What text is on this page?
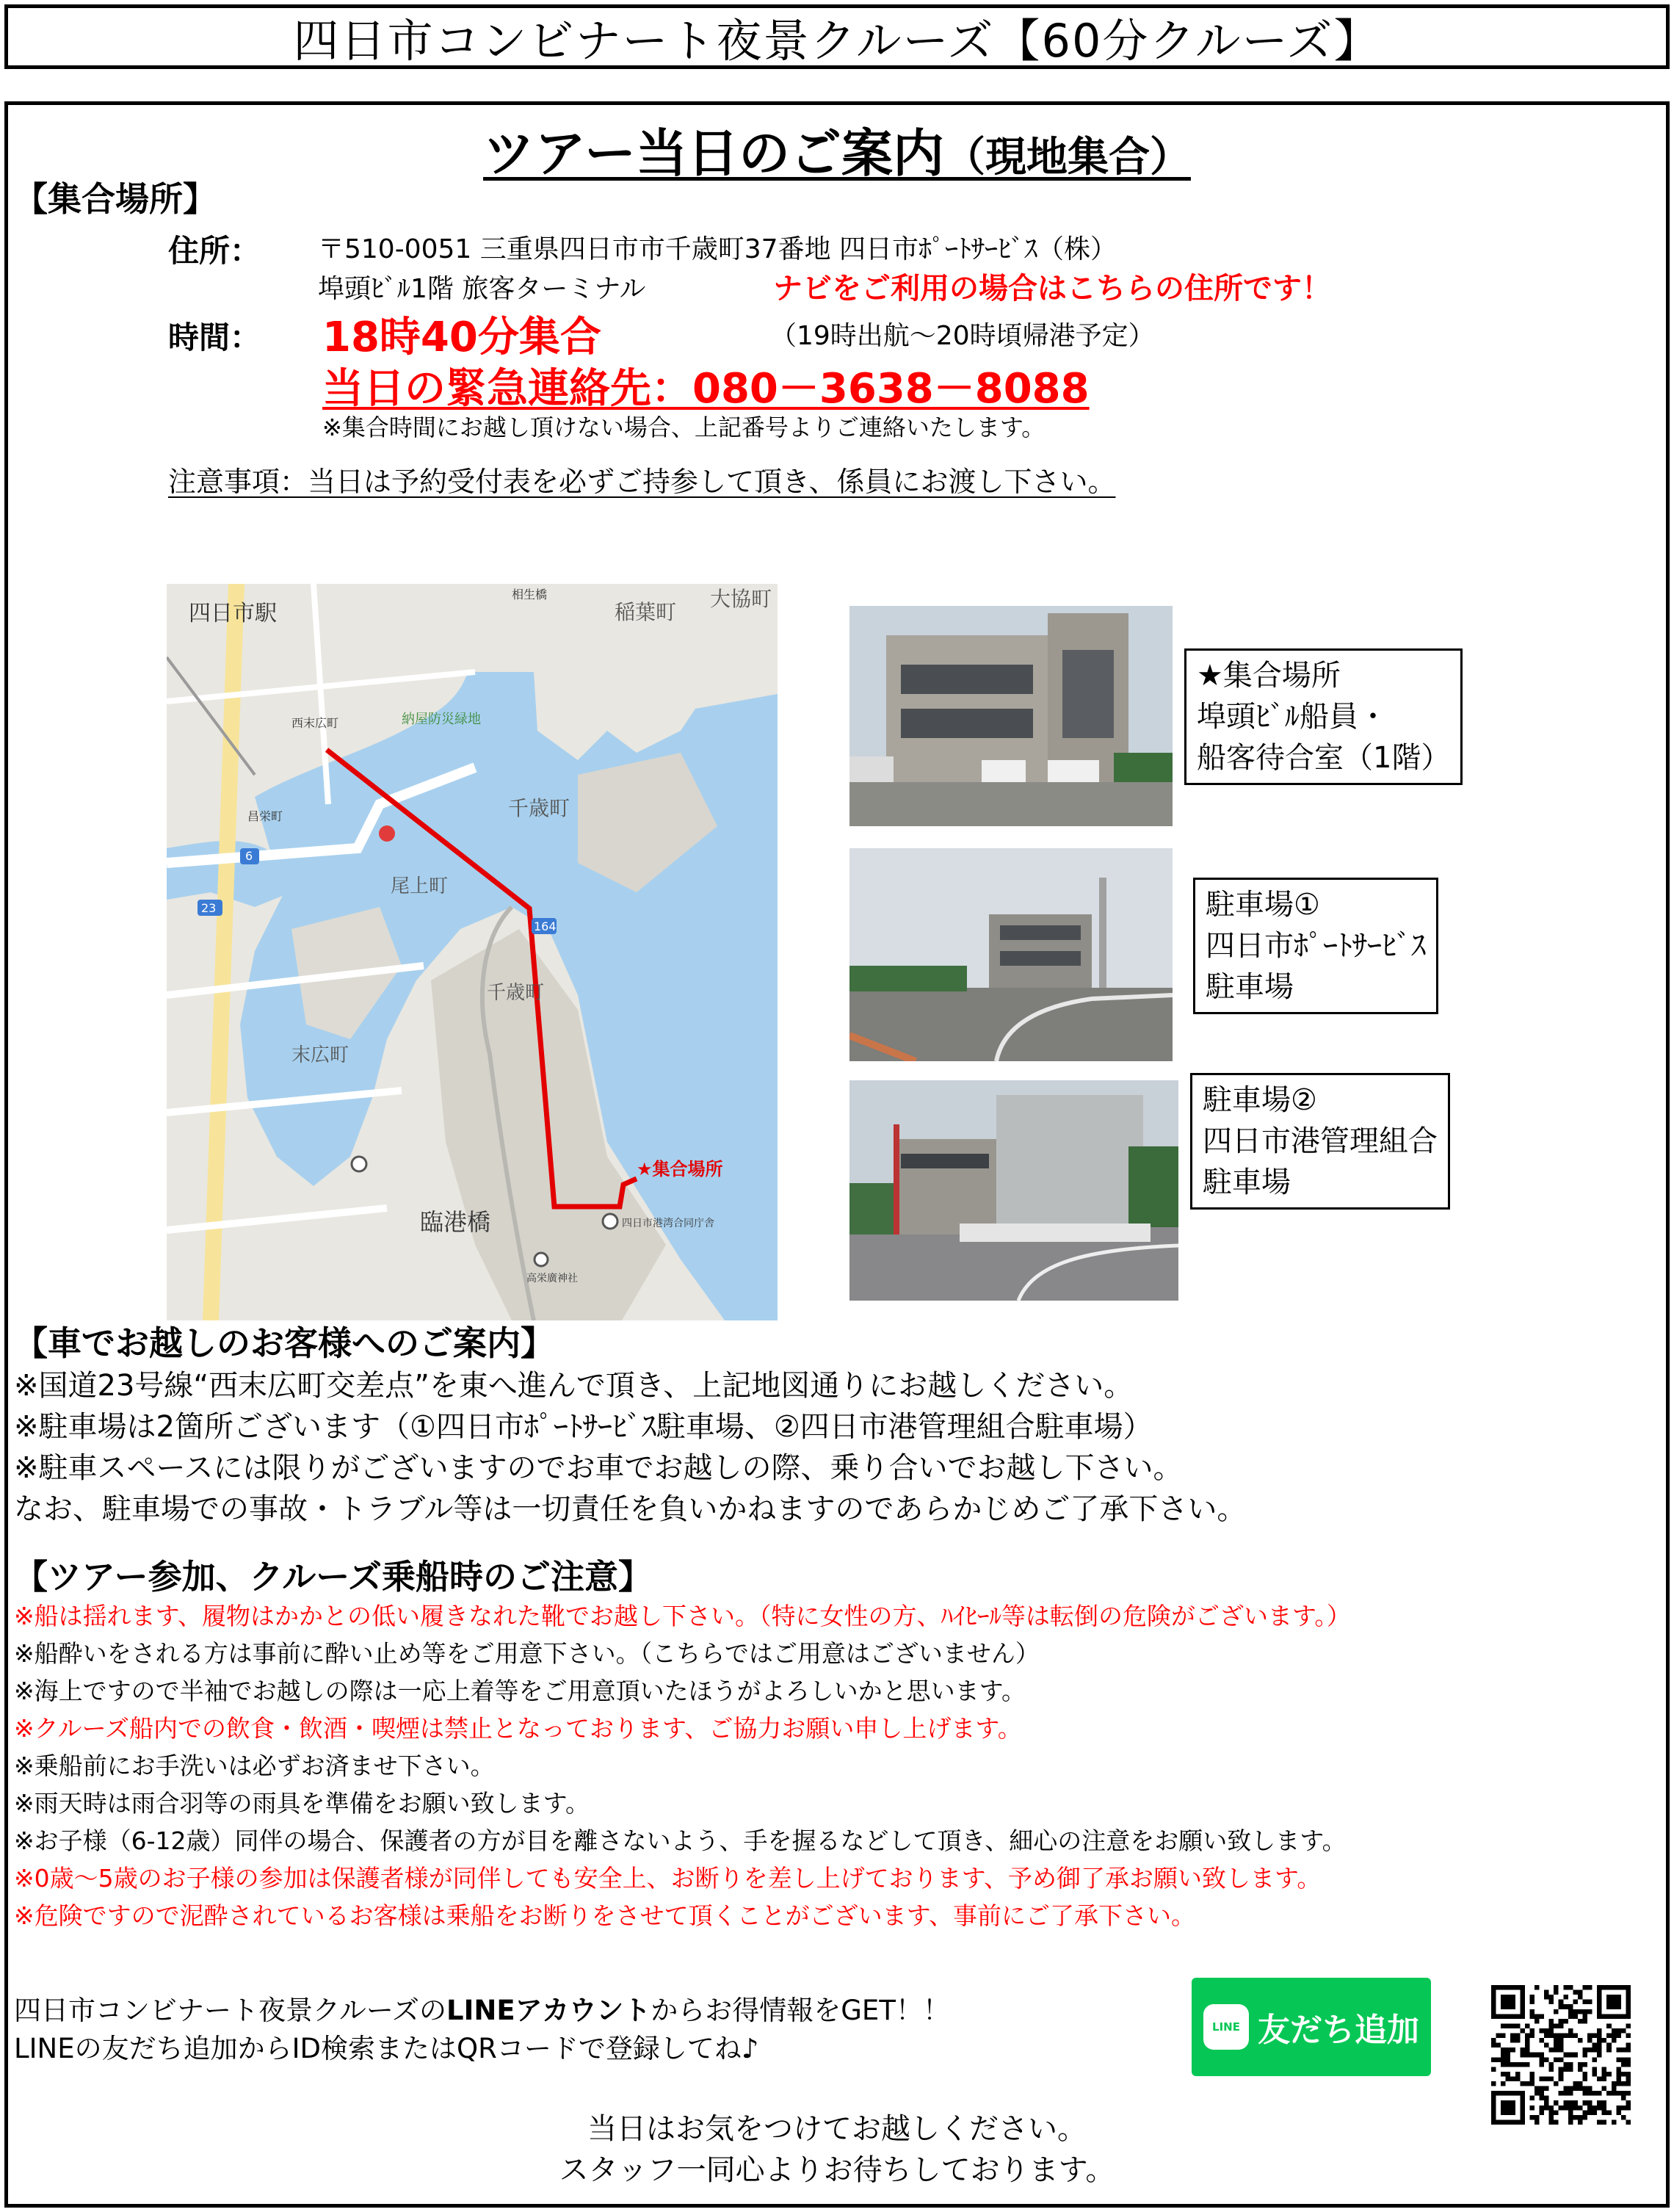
四日市コンビナート夜景クルーズ【60分クルーズ】
ツアー当日のご案内（現地集合）
【集合場所】
住所： 〒510-0051 三重県四日市市千歳町37番地 四日市ﾎﾟｰﾄｻｰﾋﾞｽ（株）
埠頭ﾋﾞﾙ1階 旅客ターミナル	ナビをご利用の場合はこちらの住所です！
時間： 18時40分集合	（19時出航～20時頃帰港予定）
当日の緊急連絡先：080－3638－8088
※集合時間にお越し頂けない場合、上記番号よりご連絡いたします。
注意事項：当日は予約受付表を必ずご持参して頂き、係員にお渡し下さい。
四日市駅
西末広町
昌栄町
納屋防災緑地
稲葉町
大協町
相生橋
千歳町
千歳町
尾上町
末広町
臨港橋
★集合場所
四日市港湾合同庁舎
高栄廣神社
6
23
164
★集合場所
埠頭ﾋﾞﾙ船員・
船客待合室（1階）
駐車場①
四日市ﾎﾟｰﾄｻｰﾋﾞｽ
駐車場
駐車場②
四日市港管理組合
駐車場
【車でお越しのお客様へのご案内】
※国道23号線“西末広町交差点”を東へ進んで頂き、上記地図通りにお越しください。
※駐車場は2箇所ございます（①四日市ﾎﾟｰﾄｻｰﾋﾞｽ駐車場、②四日市港管理組合駐車場）
※駐車スペースには限りがございますのでお車でお越しの際、乗り合いでお越し下さい。
なお、駐車場での事故・トラブル等は一切責任を負いかねますのであらかじめご了承下さい。
【ツアー参加、クルーズ乗船時のご注意】
※船は揺れます、履物はかかとの低い履きなれた靴でお越し下さい。（特に女性の方、ﾊｲﾋｰﾙ等は転倒の危険がございます。）
※船酔いをされる方は事前に酔い止め等をご用意下さい。（こちらではご用意はございません）
※海上ですので半袖でお越しの際は一応上着等をご用意頂いたほうがよろしいかと思います。
※クルーズ船内での飲食・飲酒・喫煙は禁止となっております、ご協力お願い申し上げます。
※乗船前にお手洗いは必ずお済ませ下さい。
※雨天時は雨合羽等の雨具を準備をお願い致します。
※お子様（6-12歳）同伴の場合、保護者の方が目を離さないよう、手を握るなどして頂き、細心の注意をお願い致します。
※0歳～5歳のお子様の参加は保護者様が同伴しても安全上、お断りを差し上げております、予め御了承お願い致します。
※危険ですので泥酔されているお客様は乗船をお断りをさせて頂くことがございます、事前にご了承下さい。
四日市コンビナート夜景クルーズのLINEアカウントからお得情報をGET！！
LINEの友だち追加からID検索またはQRコードで登録してね♪
LINE 友だち追加
当日はお気をつけてお越しください。
スタッフ一同心よりお待ちしております。
